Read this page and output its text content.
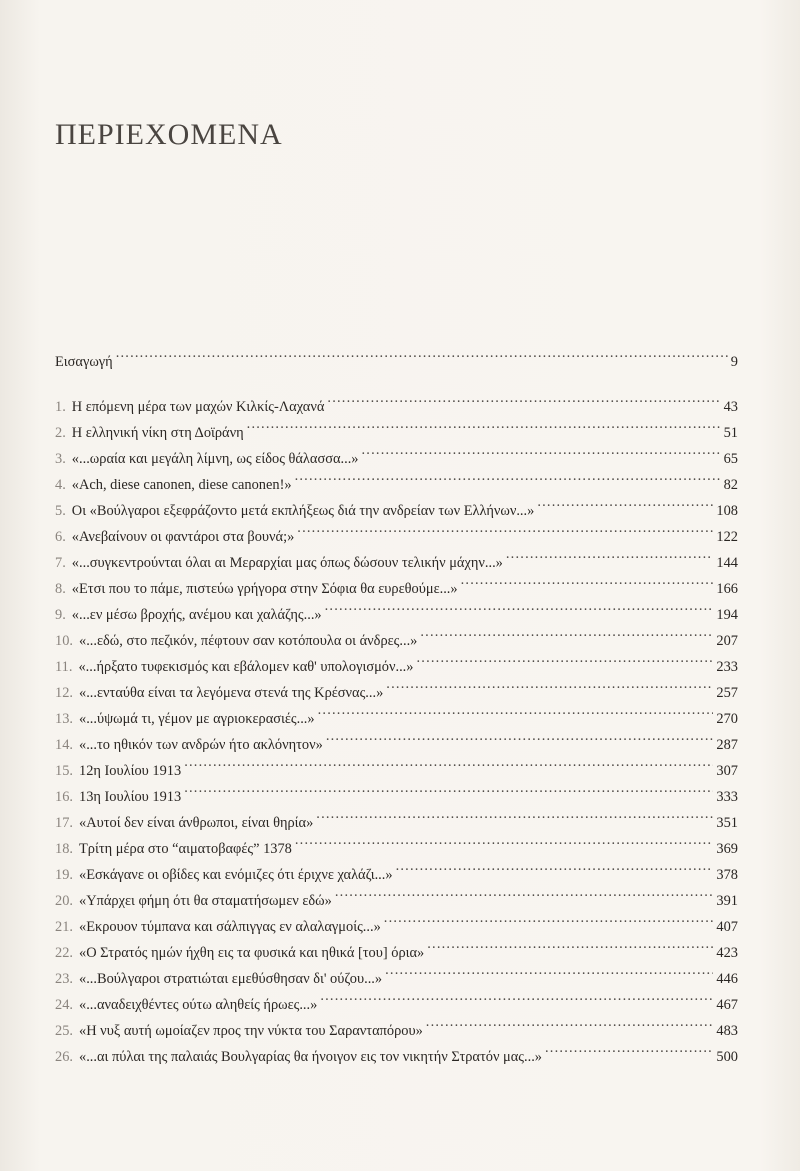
ΠΕΡΙΕΧΟΜΕΝΑ
Εισαγωγή .....	9
1. Η επόμενη μέρα των μαχών Κιλκίς-Λαχανά .....	43
2. Η ελληνική νίκη στη Δοϊράνη .....	51
3. «...ωραία και μεγάλη λίμνη, ως είδος θάλασσα...» .....	65
4. «Ach, diese canonen, diese canonen!» .....	82
5. Οι «Βούλγαροι εξεφράζοντο μετά εκπλήξεως διά την ανδρείαν των Ελλήνων...» .....	108
6. «Ανεβαίνουν οι φαντάροι στα βουνά;» .....	122
7. «...συγκεντρούνται όλαι αι Μεραρχίαι μας όπως δώσουν τελικήν μάχην...» .....	144
8. «Ετσι που το πάμε, πιστεύω γρήγορα στην Σόφια θα ευρεθούμε...» .....	166
9. «...εν μέσω βροχής, ανέμου και χαλάζης...» .....	194
10. «...εδώ, στο πεζικόν, πέφτουν σαν κοτόπουλα οι άνδρες...» .....	207
11. «...ήρξατο τυφεκισμός και εβάλομεν καθ' υπολογισμόν...» .....	233
12. «...ενταύθα είναι τα λεγόμενα στενά της Κρέσνας...» .....	257
13. «...ύψωμά τι, γέμον με αγριοκερασιές...» .....	270
14. «...το ηθικόν των ανδρών ήτο ακλόνητον» .....	287
15. 12η Ιουλίου 1913 .....	307
16. 13η Ιουλίου 1913 .....	333
17. «Αυτοί δεν είναι άνθρωποι, είναι θηρία» .....	351
18. Τρίτη μέρα στο “αιματοβαφές” 1378 .....	369
19. «Εσκάγανε οι οβίδες και ενόμιζες ότι έριχνε χαλάζι...» .....	378
20. «Υπάρχει φήμη ότι θα σταματήσωμεν εδώ» .....	391
21. «Εκρουον τύμπανα και σάλπιγγας εν αλαλαγμοίς...» .....	407
22. «Ο Στρατός ημών ήχθη εις τα φυσικά και ηθικά [του] όρια» .....	423
23. «...Βούλγαροι στρατιώται εμεθύσθησαν δι' ούζου...» .....	446
24. «...αναδειχθέντες ούτω αληθείς ήρωες...» .....	467
25. «Η νυξ αυτή ωμοίαζεν προς την νύκτα του Σαρανταπόρου» .....	483
26. «...αι πύλαι της παλαιάς Βουλγαρίας θα ήνοιγον εις τον νικητήν Στρατόν μας...» .....	500
